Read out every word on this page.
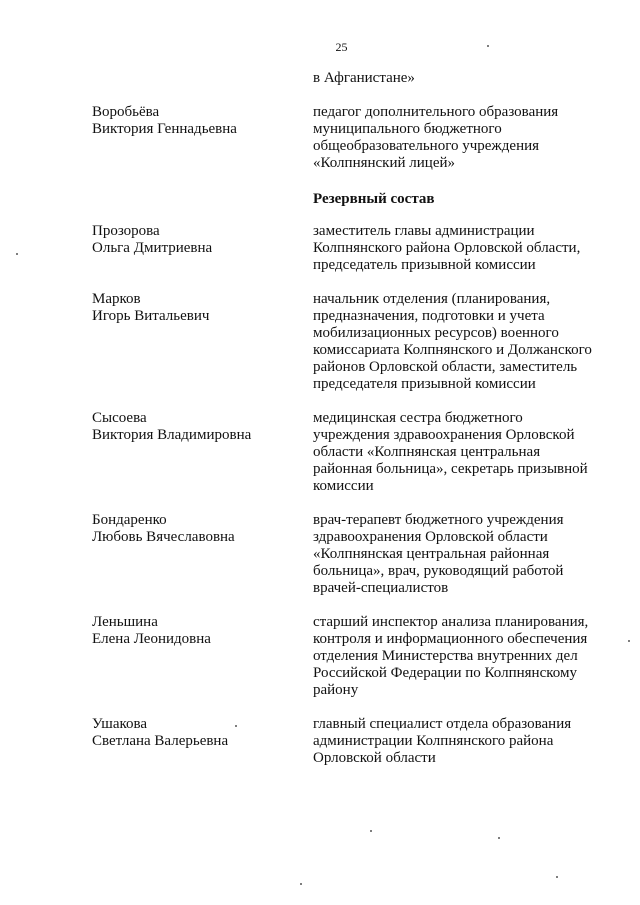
25
в Афганистане»
Воробьёва
Виктория Геннадьевна
педагог дополнительного образования муниципального бюджетного общеобразовательного учреждения «Колпнянский лицей»
Резервный состав
Прозорова
Ольга Дмитриевна
заместитель главы администрации Колпнянского района Орловской области, председатель призывной комиссии
Марков
Игорь Витальевич
начальник отделения (планирования, предназначения, подготовки и учета мобилизационных ресурсов) военного комиссариата Колпнянского и Должанского районов Орловской области, заместитель председателя призывной комиссии
Сысоева
Виктория Владимировна
медицинская сестра бюджетного учреждения здравоохранения Орловской области «Колпнянская центральная районная больница», секретарь призывной комиссии
Бондаренко
Любовь Вячеславовна
врач-терапевт бюджетного учреждения здравоохранения Орловской области «Колпнянская центральная районная больница», врач, руководящий работой врачей-специалистов
Леньшина
Елена Леонидовна
старший инспектор анализа планирования, контроля и информационного обеспечения отделения Министерства внутренних дел Российской Федерации по Колпнянскому району
Ушакова
Светлана Валерьевна
главный специалист отдела образования администрации Колпнянского района Орловской области
